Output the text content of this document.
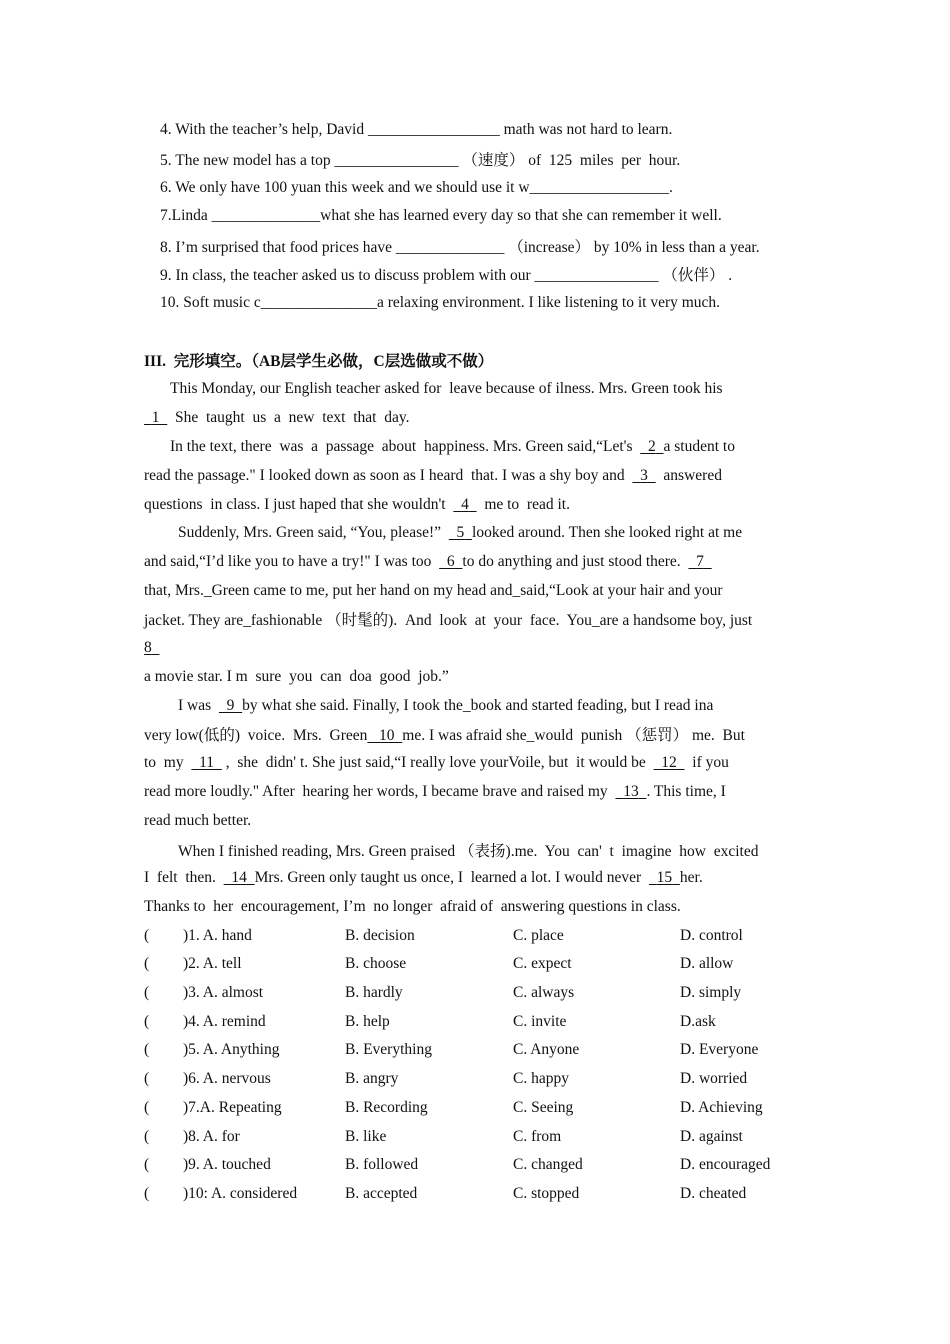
4. With the teacher’s help, David _________________ math was not hard to learn.
5. The new model has a top ________________ （速度） of  125  miles  per  hour.
6. We only have 100 yuan this week and we should use it w__________________.
7.Linda ______________what she has learned every day so that she can remember it well.
8. I’m surprised that food prices have ______________ （increase） by 10% in less than a year.
9. In class, the teacher asked us to discuss problem with our ________________ （伙伴） .
10. Soft music c_______________a relaxing environment. I like listening to it very much.
III.  完形填空。（AB层学生必做，C层选做或不做）
This Monday, our English teacher asked for  leave because of ilness. Mrs. Green took his
1    She  taught  us  a  new  text  that  day.
In the text, there  was  a  passage  about  happiness. Mrs. Green said,“Let's    2 a student to
read the passage." I looked down as soon as I heard  that. I was a shy boy and    3    answered
questions  in class. I just haped that she wouldn't    4    me to  read it.
Suddenly, Mrs. Green said, “You, please!”    5 looked around. Then she looked right at me
and said,“I’d like you to have a try!" I was too    6 to do anything and just stood there.    7
that, Mrs._Green came to me, put her hand on my head and_said,“Look at your hair and your
jacket. They are_fashionable （时髦的).  And  look  at  your  face.  You_are a handsome boy, just
8
a movie star. I m  sure  you  can  doa  good  job.”
I was    9 by what she said. Finally, I took the_book and started feading, but I read ina
very low(低的)  voice.  Mrs.  Green 10 me. I was afraid she_would  punish （惩罚） me.  But
to  my    11   ,  she  didn' t. She just said,“I really love yourVoile, but  it would be    12    if you
read more loudly." After  hearing her words, I became brave and raised my    13 . This time, I
read much better.
When I finished reading, Mrs. Green praised （表扬).me.  You  can'  t  imagine  how  excited
I  felt  then.    14 Mrs. Green only taught us once, I  learned a lot. I would never    15 her.
Thanks to  her  encouragement, I’m  no longer  afraid of  answering questions in class.
( )1. A. hand	B. decision	C. place	D. control
( )2. A. tell	B. choose	C. expect	D. allow
( )3. A. almost	B. hardly	C. always	D. simply
( )4. A. remind	B. help	C. invite	D.ask
( )5. A. Anything	B. Everything	C. Anyone	D. Everyone
( )6. A. nervous	B. angry	C. happy	D. worried
( )7.A. Repeating	B. Recording	C. Seeing	D. Achieving
( )8. A. for	B. like	C. from	D. against
( )9. A. touched	B. followed	C. changed	D. encouraged
( )10: A. considered	B. accepted	C. stopped	D. cheated
